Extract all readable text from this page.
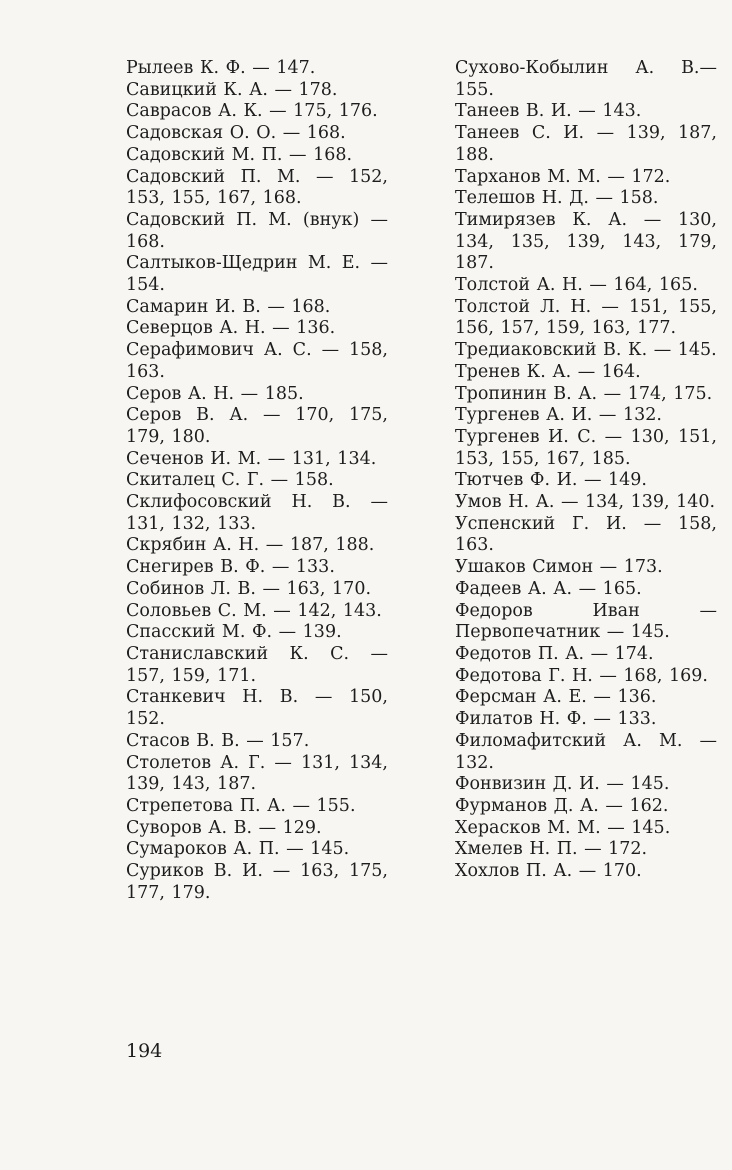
Рылеев К. Ф. — 147.
Савицкий К. А. — 178.
Саврасов А. К. — 175, 176.
Садовская О. О. — 168.
Садовский М. П. — 168.
Садовский П. М. — 152, 153, 155, 167, 168.
Садовский П. М. (внук) — 168.
Салтыков-Щедрин М. Е. — 154.
Самарин И. В. — 168.
Северцов А. Н. — 136.
Серафимович А. С. — 158, 163.
Серов А. Н. — 185.
Серов В. А. — 170, 175, 179, 180.
Сеченов И. М. — 131, 134.
Скиталец С. Г. — 158.
Склифосовский Н. В. — 131, 132, 133.
Скрябин А. Н. — 187, 188.
Снегирев В. Ф. — 133.
Собинов Л. В. — 163, 170.
Соловьев С. М. — 142, 143.
Спасский М. Ф. — 139.
Станиславский К. С. — 157, 159, 171.
Станкевич Н. В. — 150, 152.
Стасов В. В. — 157.
Столетов А. Г. — 131, 134, 139, 143, 187.
Стрепетова П. А. — 155.
Суворов А. В. — 129.
Сумароков А. П. — 145.
Суриков В. И. — 163, 175, 177, 179.
Сухово-Кобылин А. В.— 155.
Танеев В. И. — 143.
Танеев С. И. — 139, 187, 188.
Тарханов М. М. — 172.
Телешов Н. Д. — 158.
Тимирязев К. А. — 130, 134, 135, 139, 143, 179, 187.
Толстой А. Н. — 164, 165.
Толстой Л. Н. — 151, 155, 156, 157, 159, 163, 177.
Тредиаковский В. К. — 145.
Тренев К. А. — 164.
Тропинин В. А. — 174, 175.
Тургенев А. И. — 132.
Тургенев И. С. — 130, 151, 153, 155, 167, 185.
Тютчев Ф. И. — 149.
Умов Н. А. — 134, 139, 140.
Успенский Г. И. — 158, 163.
Ушаков Симон — 173.
Фадеев А. А. — 165.
Федоров Иван — Первопечатник — 145.
Федотов П. А. — 174.
Федотова Г. Н. — 168, 169.
Ферсман А. Е. — 136.
Филатов Н. Ф. — 133.
Филомафитский А. М. — 132.
Фонвизин Д. И. — 145.
Фурманов Д. А. — 162.
Херасков М. М. — 145.
Хмелев Н. П. — 172.
Хохлов П. А. — 170.
194
